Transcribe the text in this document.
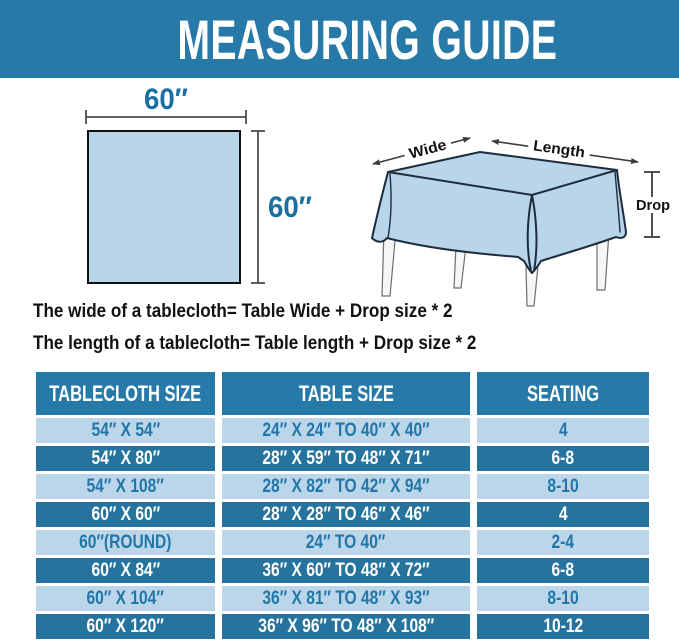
MEASURING GUIDE
60″
60″
Wide	Length
Drop

The wide of a tablecloth= Table Wide + Drop size * 2

The length of a tablecloth= Table length + Drop size * 2

TABLECLOTH SIZE	TABLE SIZE	SEATING
54″ X 54″	24″ X 24″ TO 40″ X 40″	4
54″ X 80″	28″ X 59″ TO 48″ X 71″	6-8
54″ X 108″	28″ X 82″ TO 42″ X 94″	8-10
60″ X 60″	28″ X 28″ TO 46″ X 46″	4
60″(ROUND)	24″ TO 40″	2-4
60″ X 84″	36″ X 60″ TO 48″ X 72″	6-8
60″ X 104″	36″ X 81″ TO 48″ X 93″	8-10
60″ X 120″	36″ X 96″ TO 48″ X 108″	10-12
